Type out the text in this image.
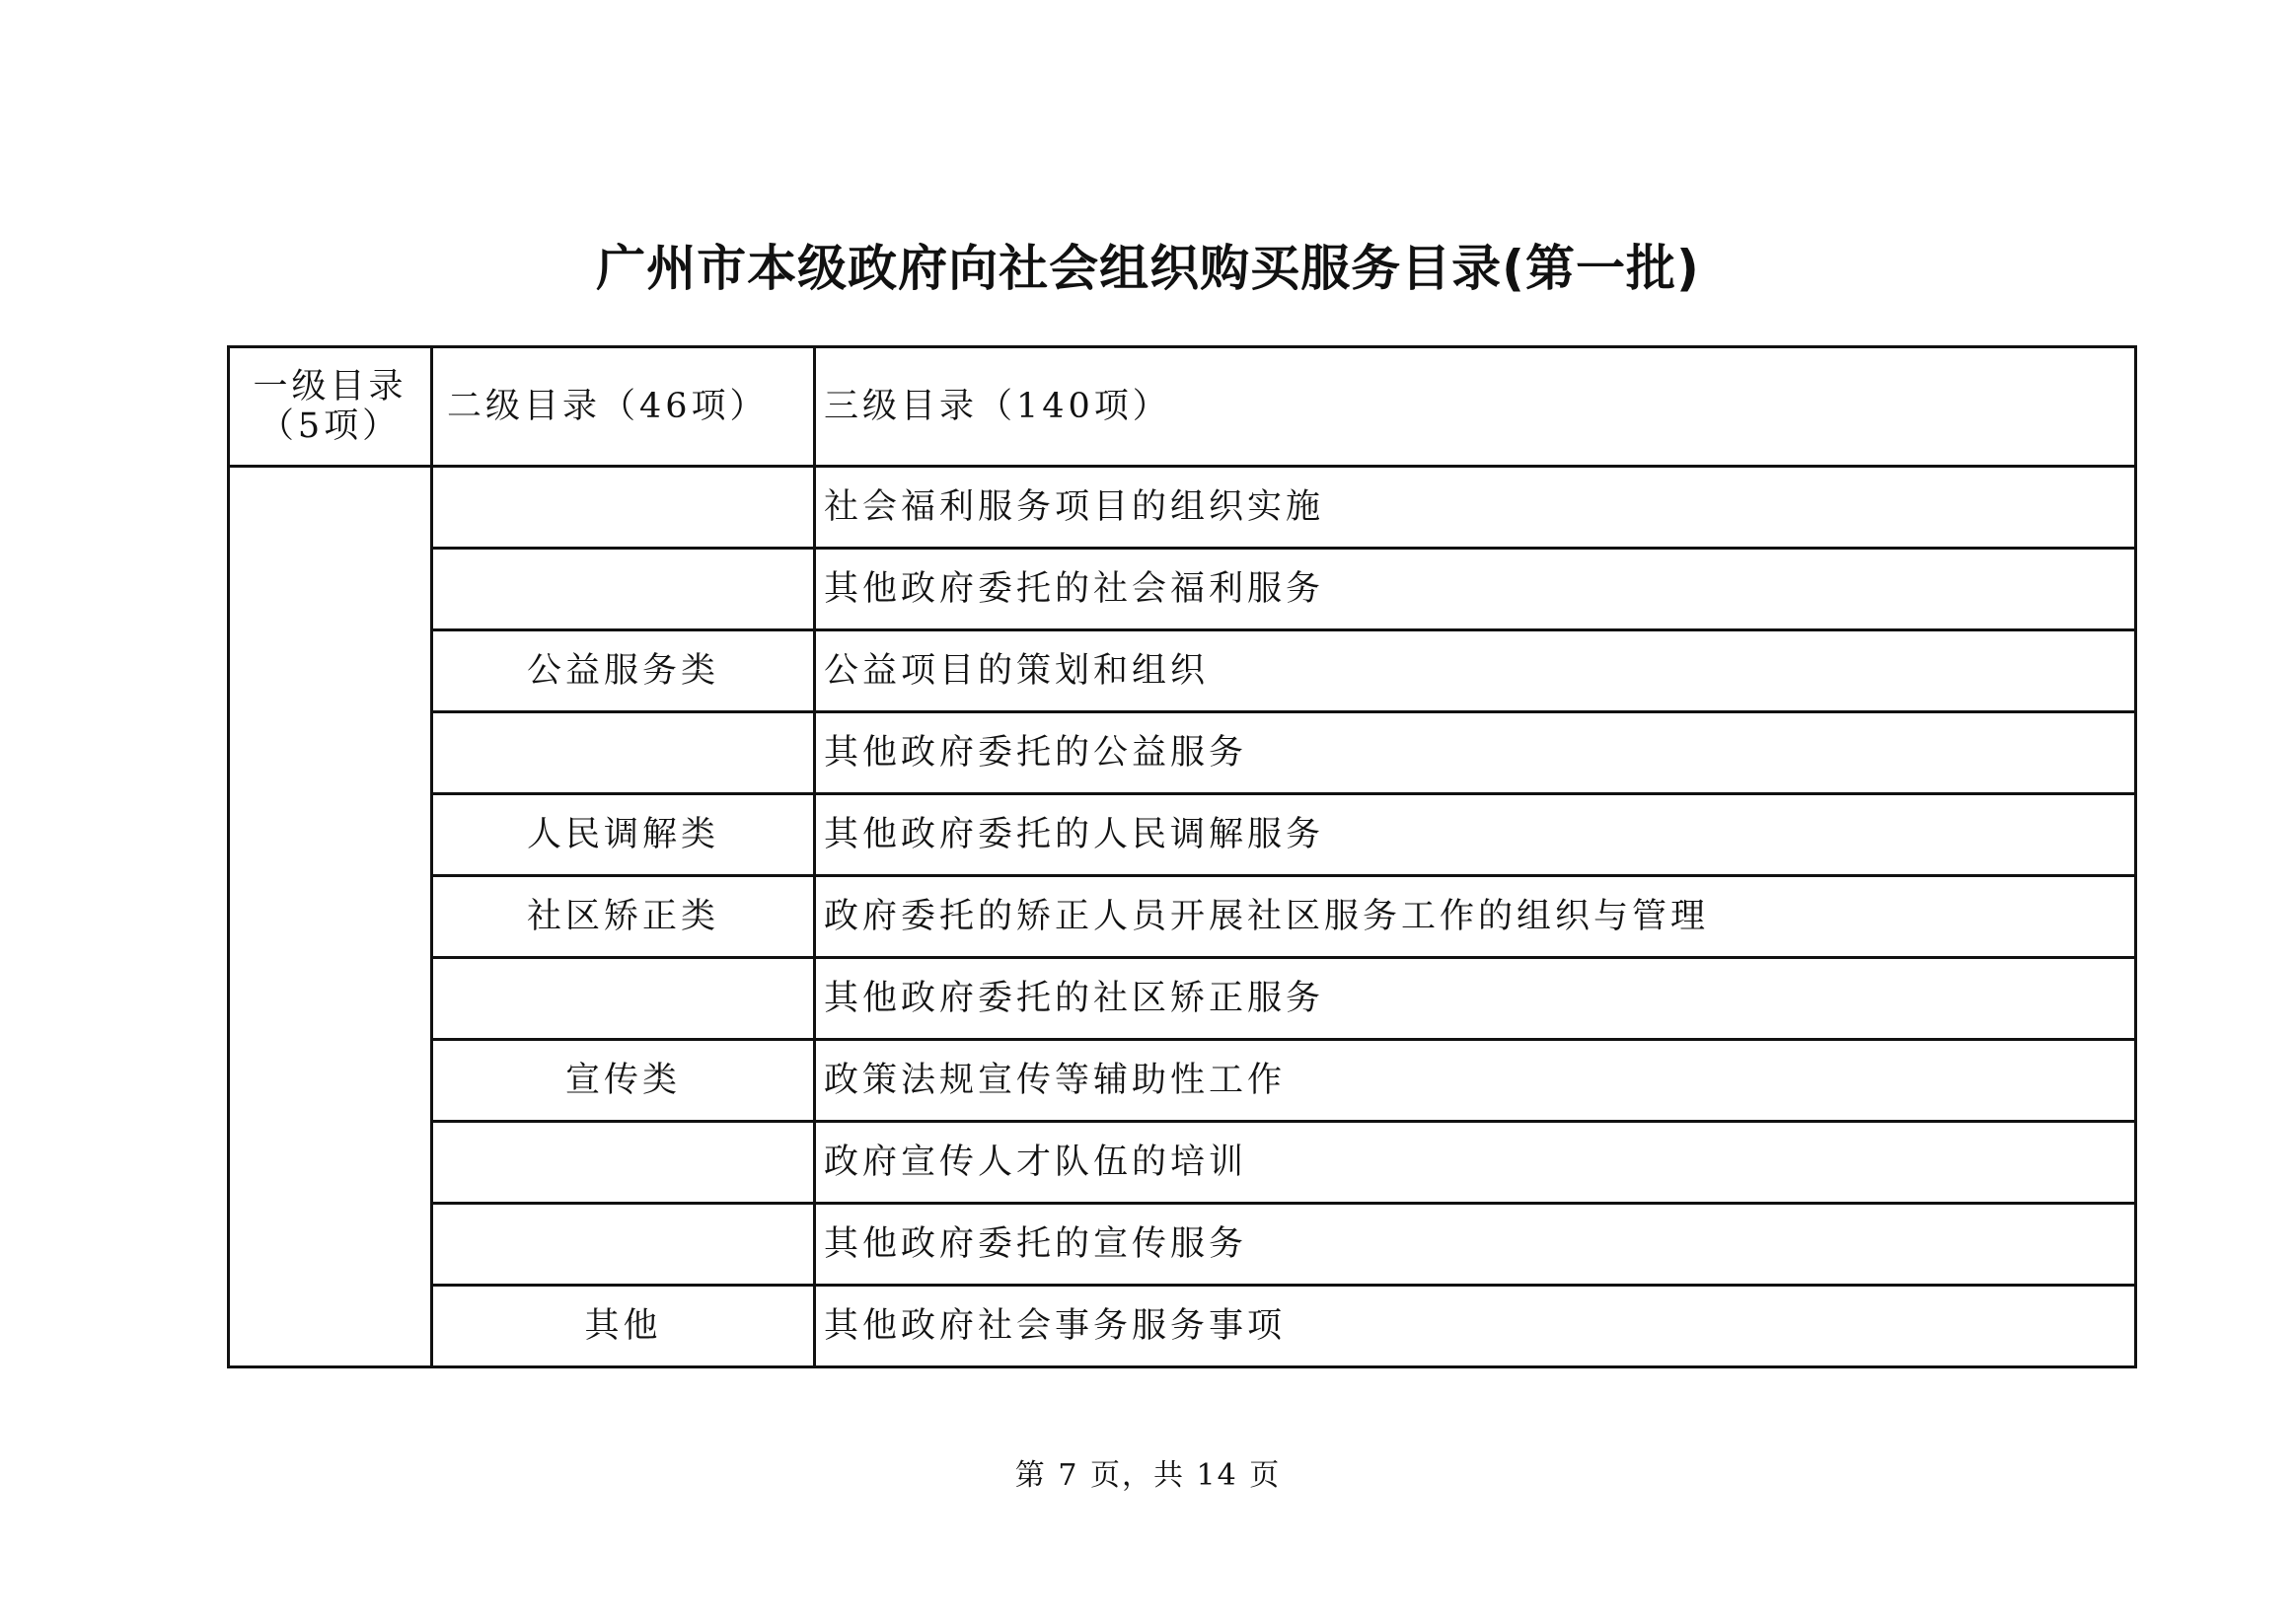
广州市本级政府向社会组织购买服务目录(第一批)
一级目录
（5项）	二级目录（46项）	三级目录（140项）
		社会福利服务项目的组织实施
		其他政府委托的社会福利服务
	公益服务类	公益项目的策划和组织
		其他政府委托的公益服务
	人民调解类	其他政府委托的人民调解服务
	社区矫正类	政府委托的矫正人员开展社区服务工作的组织与管理
		其他政府委托的社区矫正服务
	宣传类	政策法规宣传等辅助性工作
		政府宣传人才队伍的培训
		其他政府委托的宣传服务
	其他	其他政府社会事务服务事项
第 7 页，共 14 页
